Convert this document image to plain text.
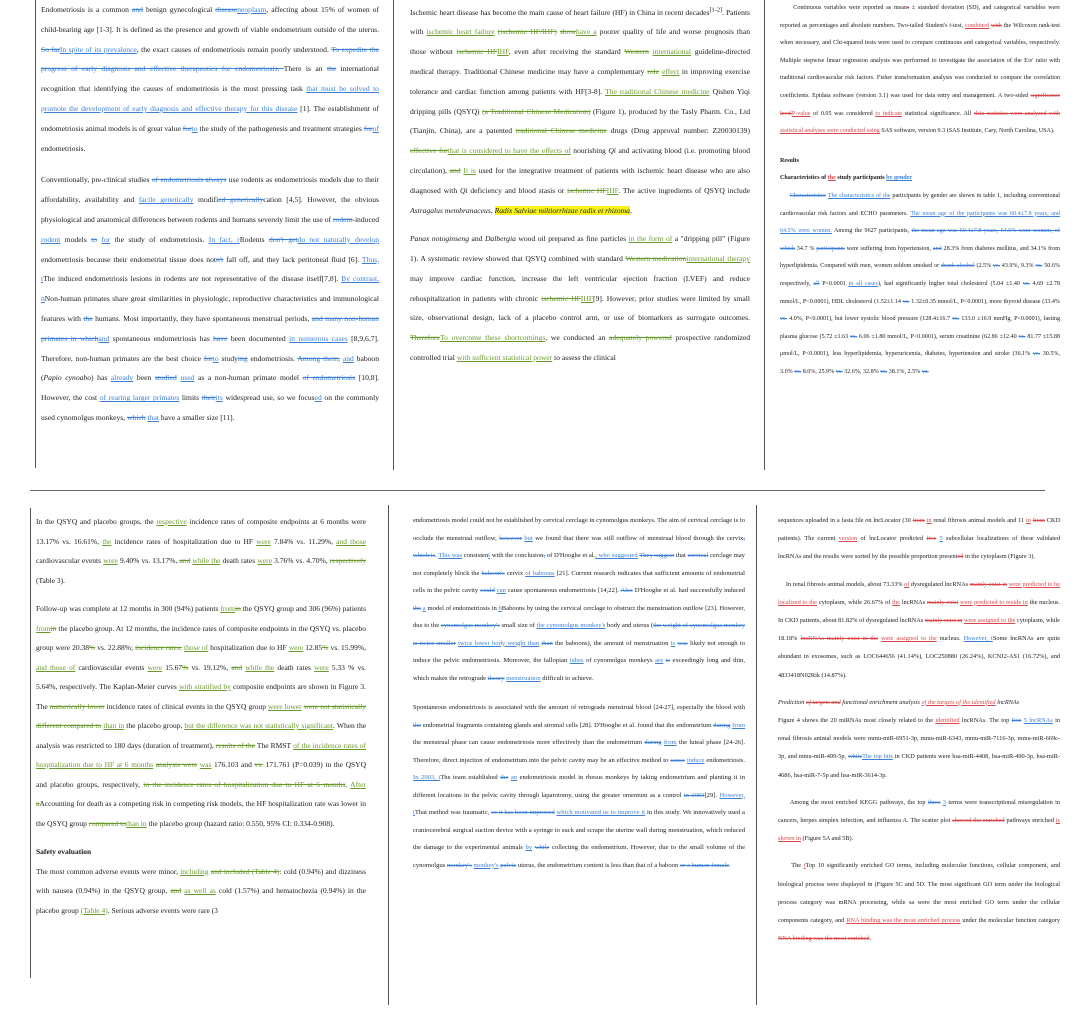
Endometriosis is a common and benign gynecological diseaseneoplasm, affecting about 15% of women of child-bearing age [1-3]. It is defined as the presence and growth of viable endometrium outside of the uterus. So farIn spite of its prevalence, the exact causes of endometriosis remain poorly understood. To expedite the progress of early diagnosis and effective therapeutics for endometriosis, There is an the international recognition that identifying the causes of endometriosis is the most pressing task that must be solved to promote the development of early diagnosis and effective therapy for this disease [1]. The establishment of endometriosis animal models is of great value forto the study of the pathogenesis and treatment strategies forof endometriosis.

Conventionally, pre-clinical studies of endometriosis always use rodents as endometriosis models due to their affordability, availability and facile genetically modified geneticallycation [4,5]. However, the obvious physiological and anatomical differences between rodents and humans severely limit the use of rodent-induced rodent models to for the study of endometriosis. In fact, rRodents don't getdo not naturally develop endometriosis because their endometrial tissue does notn't fall off, and they lack peritoneal fluid [6]. Thus, tThe induced endometriosis lesions in rodents are not representative of the disease itself[7,8]. By contrast, nNon-human primates share great similarities in physiologic, reproductive characteristics and immunological features with the humans. Most importantly, they have spontaneous menstrual periods, and many non-human primates in whichand spontaneous endometriosis has have been documented in numerous cases [8,9,6,7]. Therefore, non-human primates are the best choice forto studying endometriosis. Among them, and baboon (Papio cynoabo) has already been studied used as a non-human primate model of endometriosis [10,8]. However, the cost of rearing larger primates limits theirits widespread use, so we focused on the commonly used cynomolgus monkeys, which that have a smaller size [11].

Ischemic heart disease has become the main cause of heart failure (HF) in China in recent decades[1-2]. Patients with ischemic heart failure (ischemic HF/IHF) showhave a poorer quality of life and worse prognosis than those without ischemic HFIHF, even after receiving the standard Western international guideline-directed medical therapy. Traditional Chinese medicine may have a complementary role effect in improving exercise tolerance and cardiac function among patients with HF[3-8]. The traditional Chinese medicine Qishen Yiqi dripping pills (QSYQ) (a Traditional Chinese Medication) (Figure 1), produced by the Tasly Pharm. Co., Ltd (Tianjin, China), are a patented traditional Chinese medicine drugs (Drug approval number: Z20030139) effective forthat is considered to have the effects of nourishing Qi and activating blood (i.e. promoting blood circulation), and It is used for the integrative treatment of patients with ischemic heart disease who are also diagnosed with Qi deficiency and blood stasis or ischemic HFIHF. The active ingredients of QSYQ include Astragalus membranaceus, Radix Salviae miltiorrhizae radix et rhizoma,

Panax notoginseng and Dalbergia wood oil prepared as fine particles in the form of a "dripping pill" (Figure 1). A systematic review showed that QSYQ combined with standard Western medicationinternational therapy may improve cardiac function, increase the left ventricular ejection fraction (LVEF) and reduce rehospitalization in patients with chronic ischemic HFIHF[9]. However, prior studies were limited by small size, observational design, lack of a placebo control arm, or use of biomarkers as surrogate outcomes. ThereforeTo overcome these shortcomings, we conducted an adequately powered prospective randomized controlled trial with sufficient statistical power to assess the clinical

Continuous variables were reported as means ± standard deviation (SD), and categorical variables were reported as percentages and absolute numbers. Two-tailed Student's t-test, combined with the Wilcoxon rank-test when necessary, and Chi-squared tests were used to compare continuous and categorical variables, respectively. Multiple stepwise linear regression analysis was performed to investigate the association of the E/e' ratio with traditional cardiovascular risk factors. Fisher transformation analysis was conducted to compare the correlation coefficients. Epidata software (version 3.1) was used for data entry and management. A two-sided significance levelP-value of 0.05 was considered to indicate statistical significance. All data statistics were analyzed with statistical analyses were conducted using SAS software, version 9.3 (SAS Institute, Cary, North Carolina, USA).

Results

Characteristics of the study participants by gender

Characteristics The characteristics of the participants by gender are shown in table 1, including conventional cardiovascular risk factors and ECHO parameters. The mean age of the participants was 60.4±7.8 years, and 64.5% were women. Among the 9627 participants, the mean age was 60.4±7.8 years, 64.5% were women, of which 34.7 % participants were suffering from hypertension, and 28.3% from diabetes mellitus, and 34.1% from hyperlipidemia. Compared with men, women seldom smoked or drank alcohol (2.5% vs. 43.9%, 9.3% vs. 50.6% respectively, all P<0.0001 in all cases), had significantly higher total cholesterol (5.04 ±1.40 vs. 4.69 ±2.78 mmol/L, P<0.0001), HDL cholesterol (1.52±1.14 vs. 1.32±0.35 mmol/L, P<0.0001), more thyroid disease (33.4% vs. 4.0%, P<0.0001), but lower systolic blood pressure (128.4±16.7 vs. 133.0 ±16.9 mmHg, P<0.0001), fasting plasma glucose (5.72 ±1.63 vs. 6.06 ±1.80 mmol/L, P<0.0001), serum creatinine (62.86 ±12.40 vs. 81.77 ±15.88 μmol/L, P<0.0001), less hyperlipidemia, hyperuricemia, diabetes, hypertension and stroke (36.1% vs. 30.5%, 3.0% vs. 8.0%, 25.9% vs. 32.6%, 32.8% vs. 38.1%, 2.5% vs.

In the QSYQ and placebo groups, the respective incidence rates of composite endpoints at 6 months were 13.17% vs. 16.61%, the incidence rates of hospitalization due to HF were 7.84% vs. 11.29%, and those cardiovascular events were 9.40% vs. 13.17%, and while the death rates were 3.76% vs. 4.70%, respectively (Table 3).

Follow-up was complete at 12 months in 300 (94%) patients fromin the QSYQ group and 306 (96%) patients fromin the placebo group. At 12 months, the incidence rates of composite endpoints in the QSYQ vs. placebo group were 20.38% vs. 22.88%; incidence rates, those of hospitalization due to HF were 12.85% vs. 15.99%, and those of cardiovascular events were 15.67% vs. 19.12%, and while the death rates were 5.33 % vs. 5.64%, respectively. The Kaplan-Meier curves with stratified by composite endpoints are shown in Figure 3. The numerically lower incidence rates of clinical events in the QSYQ group were lower were not statistically different compared to than in the placebo group, but the difference was not statistically significant. When the analysis was restricted to 180 days (duration of treatment), results of the The RMST of the incidence rates of hospitalization due to HF at 6 months analysis were was 176.103 and vs. 171.761 (P=0.039) in the QSYQ and placebo groups, respectively, in the incidence rates of hospitalization due to HF at 6 months. After aAccounting for death as a competing risk in competing risk models, the HF hospitalization rate was lower in the QSYQ group compared tothan in the placebo group (hazard ratio: 0.550, 95% CI: 0.334-0.908).

Safety evaluation

The most common adverse events were minor, including and included (Table 4): cold (0.94%) and dizziness with nausea (0.94%) in the QSYQ group, and as well as cold (1.57%) and hematochezia (0.94%) in the placebo group (Table 4). Serious adverse events were rare (3

endometriosis model could not be established by cervical cerclage in cynomolgus monkeys. The aim of cervical cerclage is to occlude the menstrual outflow, however but we found that there was still outflow of menstrual blood through the cervix, which is. This was consistent with the conclusion, of D'Hooghe et al., who suggested They suggest that cervical cerclage may not completely block the baboon's cervix of baboons [21]. Current research indicates that sufficient amounts of endometrial cells in the pelvic cavity could can cause spontaneous endometriosis [14,22]. Also D'Hooghe et al. had successfully induced the a model of endometriosis in bBaboons by using the cervical cerclage to obstruct the menstruation outflow [23]. However, due to the cynomolgus monkey's small size of the cynomolgus monkey's body and uterus (the weight of cynomolgus monkey is twice smaller twice lower body weight than than the baboons), the amount of menstruation is was likely not enough to induce the pelvic endometriosis. Moreover, the fallopian tubes of cynomolgus monkeys are is exceedingly long and thin, which makes the retrograde theory menstruation difficult to achieve.

Spontaneous endometriosis is associated with the amount of retrograde menstrual blood [24-27], especially the blood with the endometrial fragments containing glands and stromal cells [28]. D'Hooghe et al. found that the endometrium during from the menstrual phase can cause endometriosis more effectively than the endometrium during from the luteal phase [24-26]. Therefore, direct injection of endometrium into the pelvic cavity may be an effective method to cause induce endometriosis. In 2003, tThe team established the an endometriosis model in rhesus monkeys by taking endometrium and planting it in different locations in the pelvic cavity through laparotomy, using the greater omentum as a control in 2003[29]. However, tThat method was traumatic, so it has been improved which motivated us to improve it in this study. We innovatively used a craniocerebral surgical suction device with a syringe to suck and scrape the uterine wall during menstruation, which reduced the damage to the experimental animals by while collecting the endometrium. However, due to the small volume of the cynomolgus monkey's monkey's pelvic uterus, the endometrium content is less than that of a baboon or a human female.

sequences uploaded in a fasta file on lncLocator (30 from in renal fibrosis animal models and 11 in from CKD patients). The current version of lncLocator predicted five 5 subcellular localizations of these validated lncRNAs and the results were sorted by the possible proportion presented in the cytoplasm (Figure 3).

In renal fibrosis animal models, about 73.33% of dysregulated lncRNAs mainly exist in were predicted to be localized to the cytoplasm, while 26.67% of the lncRNAs mainly exist were predicted to reside in the nucleus. In CKD patients, about 81.82% of dysregulated lncRNAs mainly exist in were assigned to the cytoplasm, while 18.18% lncRNAs mainly exist in the were assigned to the nucleus. However, tSome lncRNAs are quite abundant in exosomes, such as LOC644656 (41.14%), LOC250880 (26.24%), KCNJ2-AS1 (16.72%), and 4833418N02Rik (14.87%).

Prediction of targets and functional enrichment analysis of the targets of the identified lncRNAs

Figure 4 shows the 20 miRNAs most closely related to the identified lncRNAs. The top five 5 lncRNAs in renal fibrosis animal models were mmu-miR-6951-3p, mmu-miR-6343, mmu-miR-7116-3p, mmu-miR-669c-3p, and mmu-miR-499-5p, whileThe top hits in CKD patients were hsa-miR-4408, hsa-miR-490-3p, hsa-miR-4686, hsa-miR-7-5p and hsa-miR-3614-3p.

Among the most enriched KEGG pathways, the top three 3 terms were transcriptional misregulation in cancers, herpes simplex infection, and influenza A. The scatter plot showed the enriched pathways enriched is shown in (Figure 5A and 5B).

The tTop 10 significantly enriched GO terms, including molecular functions, cellular component, and biological process were displayed in (Figure 5C and 5D. The most significant GO term under the biological process category was mRNA processing, while sa were the most enriched GO term under the cellular components category, and RNA binding was the most enriched process under the molecular function category RNA binding was the most enriched.
